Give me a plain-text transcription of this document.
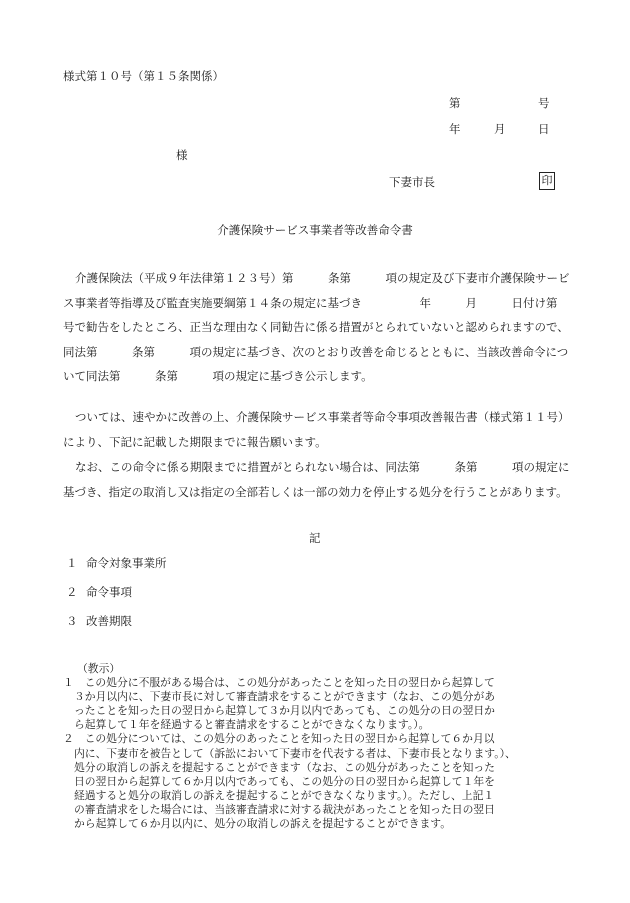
様式第１０号（第１５条関係）
第	号
年	月	日
様
下妻市長	印
介護保険サービス事業者等改善命令書
介護保険法（平成９年法律第１２３号）第　　　条第　　　項の規定及び下妻市介護保険サービス事業者等指導及び監査実施要綱第１４条の規定に基づき　　　　　年　　　月　　　日付け第　　　号で勧告をしたところ、正当な理由なく同勧告に係る措置がとられていないと認められますので、同法第　　　条第　　　項の規定に基づき、次のとおり改善を命じるとともに、当該改善命令について同法第　　　条第　　　項の規定に基づき公示します。
ついては、速やかに改善の上、介護保険サービス事業者等命令事項改善報告書（様式第１１号）により、下記に記載した期限までに報告願います。
なお、この命令に係る期限までに措置がとられない場合は、同法第　　　条第　　　項の規定に基づき、指定の取消し又は指定の全部若しくは一部の効力を停止する処分を行うことがあります。
記
１ 命令対象事業所
２ 命令事項
３ 改善期限
（教示）
１　この処分に不服がある場合は、この処分があったことを知った日の翌日から起算して
３か月以内に、下妻市長に対して審査請求をすることができます（なお、この処分があ
ったことを知った日の翌日から起算して３か月以内であっても、この処分の日の翌日か
ら起算して１年を経過すると審査請求をすることができなくなります。）。
２　この処分については、この処分のあったことを知った日の翌日から起算して６か月以
内に、下妻市を被告として（訴訟において下妻市を代表する者は、下妻市長となります。）、
処分の取消しの訴えを提起することができます（なお、この処分があったことを知った
日の翌日から起算して６か月以内であっても、この処分の日の翌日から起算して１年を
経過すると処分の取消しの訴えを提起することができなくなります。）。ただし、上記１
の審査請求をした場合には、当該審査請求に対する裁決があったことを知った日の翌日
から起算して６か月以内に、処分の取消しの訴えを提起することができます。
